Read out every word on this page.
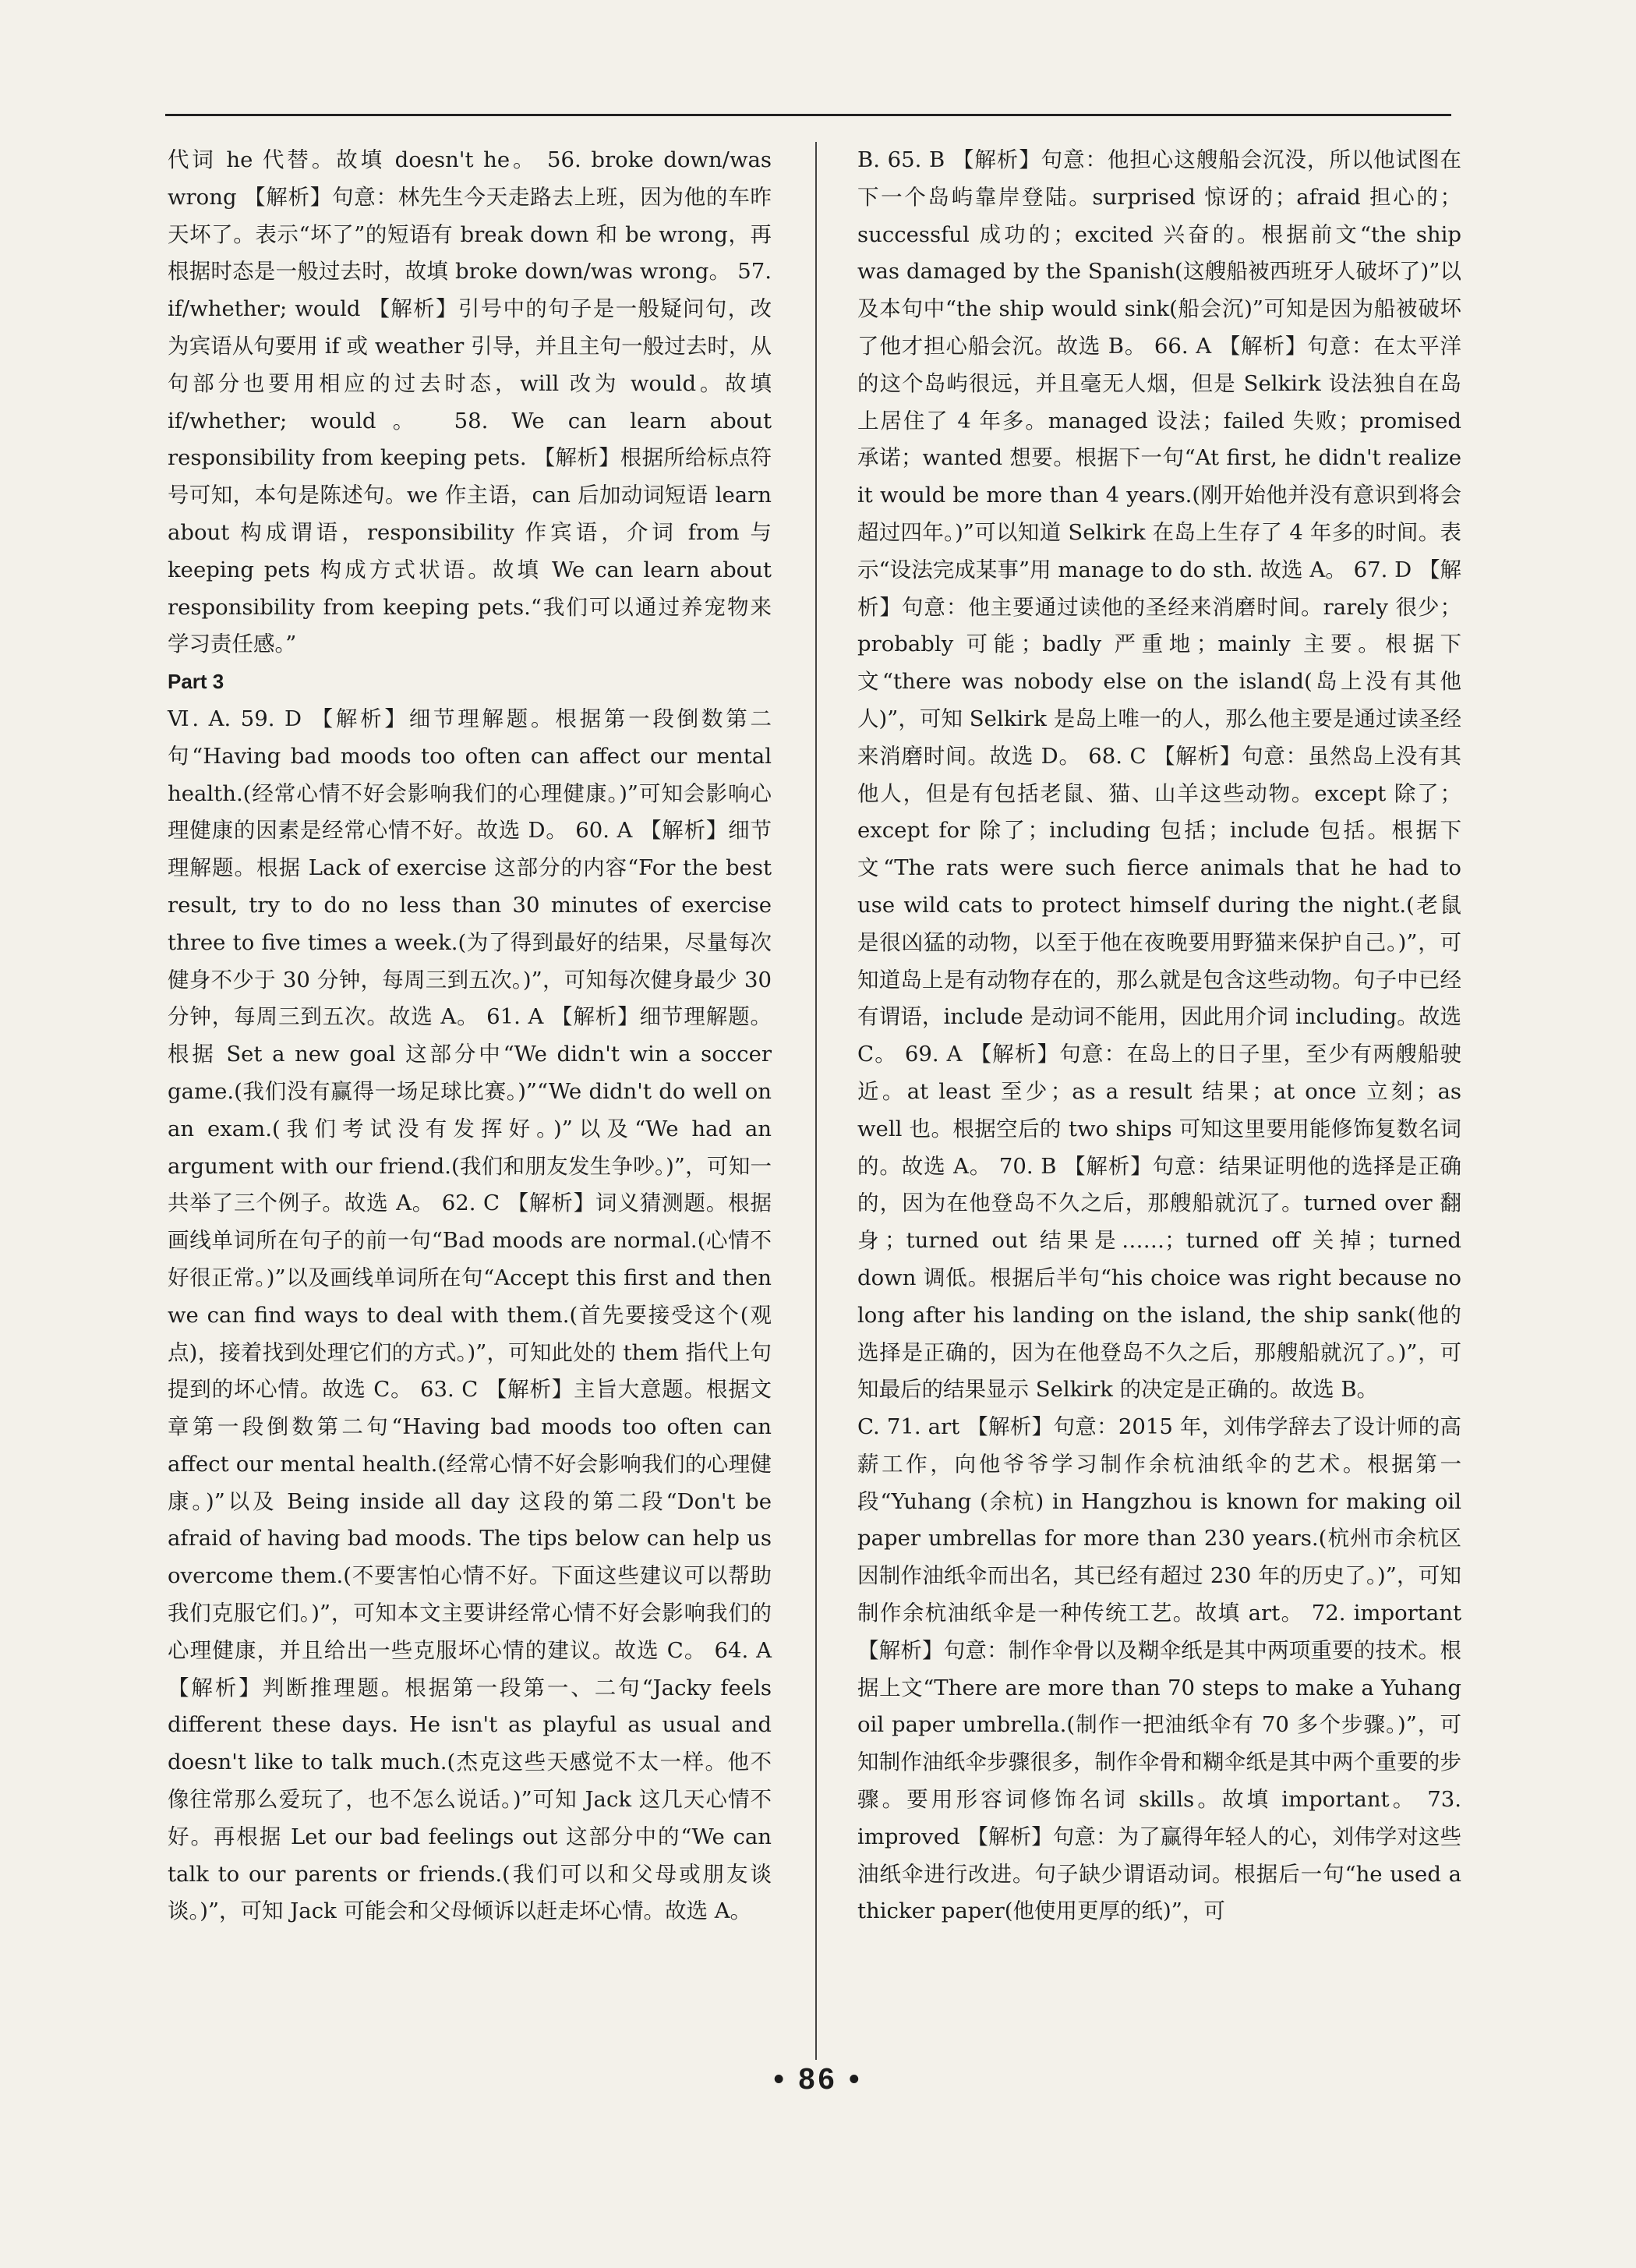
代词 he 代替。故填 doesn't he。 56. broke down/was wrong 【解析】句意：林先生今天走路去上班，因为他的车昨天坏了。表示“坏了”的短语有 break down 和 be wrong，再根据时态是一般过去时，故填 broke down/was wrong。 57. if/whether; would 【解析】引号中的句子是一般疑问句，改为宾语从句要用 if 或 weather 引导，并且主句一般过去时，从句部分也要用相应的过去时态，will 改为 would。故填 if/whether; would。 58. We can learn about responsibility from keeping pets. 【解析】根据所给标点符号可知，本句是陈述句。we 作主语，can 后加动词短语 learn about 构成谓语，responsibility 作宾语，介词 from 与 keeping pets 构成方式状语。故填 We can learn about responsibility from keeping pets.“我们可以通过养宠物来学习责任感。”

Part 3

Ⅵ. A. 59. D 【解析】细节理解题。根据第一段倒数第二句“Having bad moods too often can affect our mental health.(经常心情不好会影响我们的心理健康。)”可知会影响心理健康的因素是经常心情不好。故选 D。 60. A 【解析】细节理解题。根据 Lack of exercise 这部分的内容“For the best result, try to do no less than 30 minutes of exercise three to five times a week.(为了得到最好的结果，尽量每次健身不少于 30 分钟，每周三到五次。)”，可知每次健身最少 30 分钟，每周三到五次。故选 A。 61. A 【解析】细节理解题。根据 Set a new goal 这部分中“We didn't win a soccer game.(我们没有赢得一场足球比赛。)”“We didn't do well on an exam.(我们考试没有发挥好。)”以及“We had an argument with our friend.(我们和朋友发生争吵。)”，可知一共举了三个例子。故选 A。 62. C 【解析】词义猜测题。根据画线单词所在句子的前一句“Bad moods are normal.(心情不好很正常。)”以及画线单词所在句“Accept this first and then we can find ways to deal with them.(首先要接受这个(观点)，接着找到处理它们的方式。)”，可知此处的 them 指代上句提到的坏心情。故选 C。 63. C 【解析】主旨大意题。根据文章第一段倒数第二句“Having bad moods too often can affect our mental health.(经常心情不好会影响我们的心理健康。)”以及 Being inside all day 这段的第二段“Don't be afraid of having bad moods. The tips below can help us overcome them.(不要害怕心情不好。下面这些建议可以帮助我们克服它们。)”，可知本文主要讲经常心情不好会影响我们的心理健康，并且给出一些克服坏心情的建议。故选 C。 64. A 【解析】判断推理题。根据第一段第一、二句“Jacky feels different these days. He isn't as playful as usual and doesn't like to talk much.(杰克这些天感觉不太一样。他不像往常那么爱玩了，也不怎么说话。)”可知 Jack 这几天心情不好。再根据 Let our bad feelings out 这部分中的“We can talk to our parents or friends.(我们可以和父母或朋友谈谈。)”，可知 Jack 可能会和父母倾诉以赶走坏心情。故选 A。

B. 65. B 【解析】句意：他担心这艘船会沉没，所以他试图在下一个岛屿靠岸登陆。surprised 惊讶的；afraid 担心的；successful 成功的；excited 兴奋的。根据前文“the ship was damaged by the Spanish(这艘船被西班牙人破坏了)”以及本句中“the ship would sink(船会沉)”可知是因为船被破坏了他才担心船会沉。故选 B。 66. A 【解析】句意：在太平洋的这个岛屿很远，并且毫无人烟，但是 Selkirk 设法独自在岛上居住了 4 年多。managed 设法；failed 失败；promised 承诺；wanted 想要。根据下一句“At first, he didn't realize it would be more than 4 years.(刚开始他并没有意识到将会超过四年。)”可以知道 Selkirk 在岛上生存了 4 年多的时间。表示“设法完成某事”用 manage to do sth. 故选 A。 67. D 【解析】句意：他主要通过读他的圣经来消磨时间。rarely 很少；probably 可能；badly 严重地；mainly 主要。根据下文“there was nobody else on the island(岛上没有其他人)”，可知 Selkirk 是岛上唯一的人，那么他主要是通过读圣经来消磨时间。故选 D。 68. C 【解析】句意：虽然岛上没有其他人，但是有包括老鼠、猫、山羊这些动物。except 除了；except for 除了；including 包括；include 包括。根据下文“The rats were such fierce animals that he had to use wild cats to protect himself during the night.(老鼠是很凶猛的动物，以至于他在夜晚要用野猫来保护自己。)”，可知道岛上是有动物存在的，那么就是包含这些动物。句子中已经有谓语，include 是动词不能用，因此用介词 including。故选 C。 69. A 【解析】句意：在岛上的日子里，至少有两艘船驶近。at least 至少；as a result 结果；at once 立刻；as well 也。根据空后的 two ships 可知这里要用能修饰复数名词的。故选 A。 70. B 【解析】句意：结果证明他的选择是正确的，因为在他登岛不久之后，那艘船就沉了。turned over 翻身；turned out 结果是……；turned off 关掉；turned down 调低。根据后半句“his choice was right because no long after his landing on the island, the ship sank(他的选择是正确的，因为在他登岛不久之后，那艘船就沉了。)”，可知最后的结果显示 Selkirk 的决定是正确的。故选 B。

C. 71. art 【解析】句意：2015 年，刘伟学辞去了设计师的高薪工作，向他爷爷学习制作余杭油纸伞的艺术。根据第一段“Yuhang (余杭) in Hangzhou is known for making oil paper umbrellas for more than 230 years.(杭州市余杭区因制作油纸伞而出名，其已经有超过 230 年的历史了。)”，可知制作余杭油纸伞是一种传统工艺。故填 art。 72. important 【解析】句意：制作伞骨以及糊伞纸是其中两项重要的技术。根据上文“There are more than 70 steps to make a Yuhang oil paper umbrella.(制作一把油纸伞有 70 多个步骤。)”，可知制作油纸伞步骤很多，制作伞骨和糊伞纸是其中两个重要的步骤。要用形容词修饰名词 skills。故填 important。 73. improved 【解析】句意：为了赢得年轻人的心，刘伟学对这些油纸伞进行改进。句子缺少谓语动词。根据后一句“he used a thicker paper(他使用更厚的纸)”，可

• 86 •
